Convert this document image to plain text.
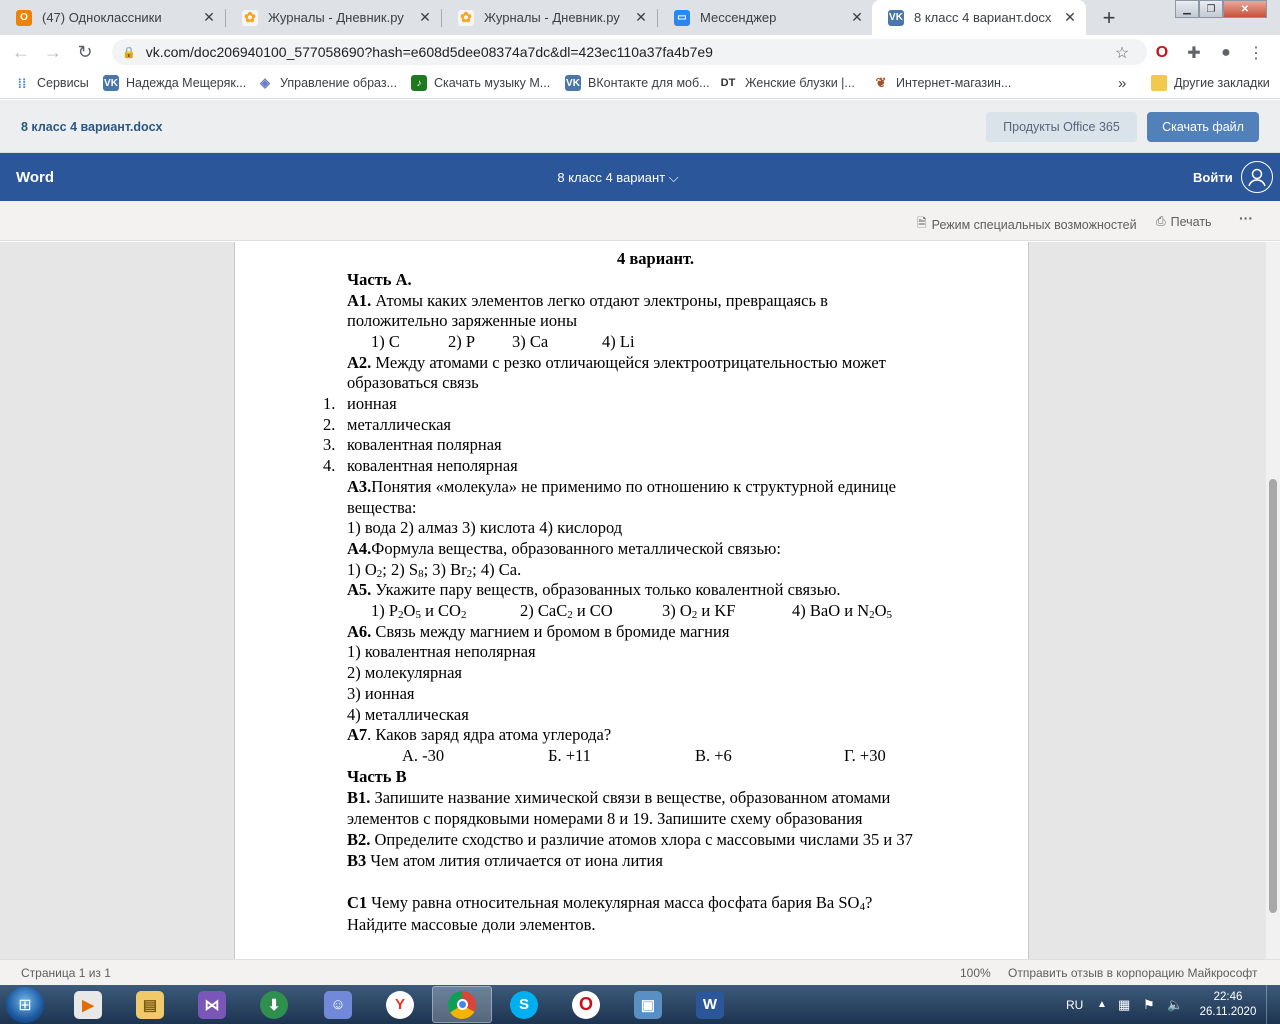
О	(47) Одноклассники	✕ ✿ Журналы - Дневник.ру	✕ ✿ Журналы - Дневник.ру	✕	▭ Мессенджер	✕	VK 8 класс 4 вариант.docx ✕	+	▁	❐	✕
← → ↻	🔒 vk.com/doc206940100_577058690?hash=e608d5dee08374a7dc&dl=423ec110a37fa4b7e9	☆ O ✚	●	⋮
⁞⁞ Сервисы VK Надежда Мещеряк... ◈ Управление образ...	♪	Скачать музыку М... VK ВКонтакте для моб... DT Женские блузки |... ❦ Интернет-магазин...	»	Другие закладки
8 класс 4 вариант.docx	Продукты Office 365	Скачать файл
Word	8 класс 4 вариант ⌵	Войти
🗎 Режим специальных возможностей ⎙ Печать ···
4 вариант.
Часть А.
А1. Атомы каких элементов легко отдают электроны, превращаясь в
положительно заряженные ионы
1) C	2) P 3) Ca	4) Li
А2. Между атомами с резко отличающейся электроотрицательностью может
образоваться связь
1. ионная
2. металлическая
3. ковалентная полярная
4. ковалентная неполярная
А3.Понятия «молекула» не применимо по отношению к структурной единице
вещества:
1) вода 2) алмаз 3) кислота 4) кислород
А4.Формула вещества, образованного металлической связью:
1) $O_2$; 2) $S_8$; 3) $Br_2$; 4) Ca.
А5. Укажите пару веществ, образованных только ковалентной связью.
1) $P_2O_5$ и $CO_2$	2) CaC$_2$ и CO	3) $O_2$ и KF	4) BaO и $N_2O_5$
А6. Связь между магнием и бромом в бромиде магния
1) ковалентная неполярная
2) молекулярная
3) ионная
4) металлическая
А7. Каков заряд ядра атома углерода?
А. -30	Б. +11	В. +6	Г. +30
Часть В
В1. Запишите название химической связи в веществе, образованном атомами
элементов с порядковыми номерами 8 и 19. Запишите схему образования
В2. Определите сходство и различие атомов хлора с массовыми числами 35 и 37
В3 Чем атом лития отличается от иона лития
С1 Чему равна относительная молекулярная масса фосфата бария Ва $SO_4$?
Найдите массовые доли элементов.
Страница 1 из 1	100% Отправить отзыв в корпорацию Майкрософт
⊞	▶	▤	⋈	⬇	☺	Y	S	O	▣	W	RU ▲ ▦ ⚑ 🔈	22:46
26.11.2020
